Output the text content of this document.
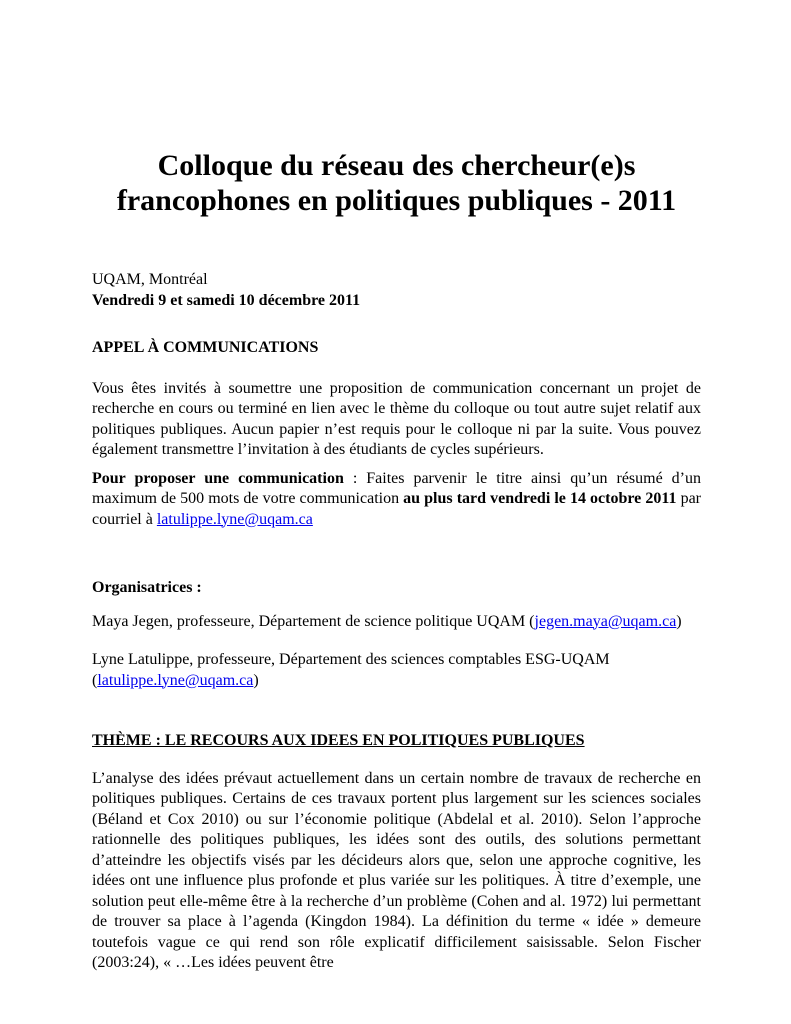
Colloque du réseau des chercheur(e)s
francophones en politiques publiques - 2011
UQAM, Montréal
Vendredi 9 et samedi 10 décembre 2011
APPEL À COMMUNICATIONS

Vous êtes invités à soumettre une proposition de communication concernant un projet de recherche en cours ou terminé en lien avec le thème du colloque ou tout autre sujet relatif aux politiques publiques. Aucun papier n’est requis pour le colloque ni par la suite. Vous pouvez également transmettre l’invitation à des étudiants de cycles supérieurs.

Pour proposer une communication : Faites parvenir le titre ainsi qu’un résumé d’un maximum de 500 mots de votre communication au plus tard vendredi le 14 octobre 2011 par courriel à latulippe.lyne@uqam.ca

Organisatrices :

Maya Jegen, professeure, Département de science politique UQAM (jegen.maya@uqam.ca)

Lyne Latulippe, professeure, Département des sciences comptables ESG-UQAM
(latulippe.lyne@uqam.ca)

THÈME : LE RECOURS AUX IDEES EN POLITIQUES PUBLIQUES

L’analyse des idées prévaut actuellement dans un certain nombre de travaux de recherche en politiques publiques. Certains de ces travaux portent plus largement sur les sciences sociales (Béland et Cox 2010) ou sur l’économie politique (Abdelal et al. 2010). Selon l’approche rationnelle des politiques publiques, les idées sont des outils, des solutions permettant d’atteindre les objectifs visés par les décideurs alors que, selon une approche cognitive, les idées ont une influence plus profonde et plus variée sur les politiques. À titre d’exemple, une solution peut elle-même être à la recherche d’un problème (Cohen and al. 1972) lui permettant de trouver sa place à l’agenda (Kingdon 1984). La définition du terme « idée » demeure toutefois vague ce qui rend son rôle explicatif difficilement saisissable. Selon Fischer (2003:24), « …Les idées peuvent être
